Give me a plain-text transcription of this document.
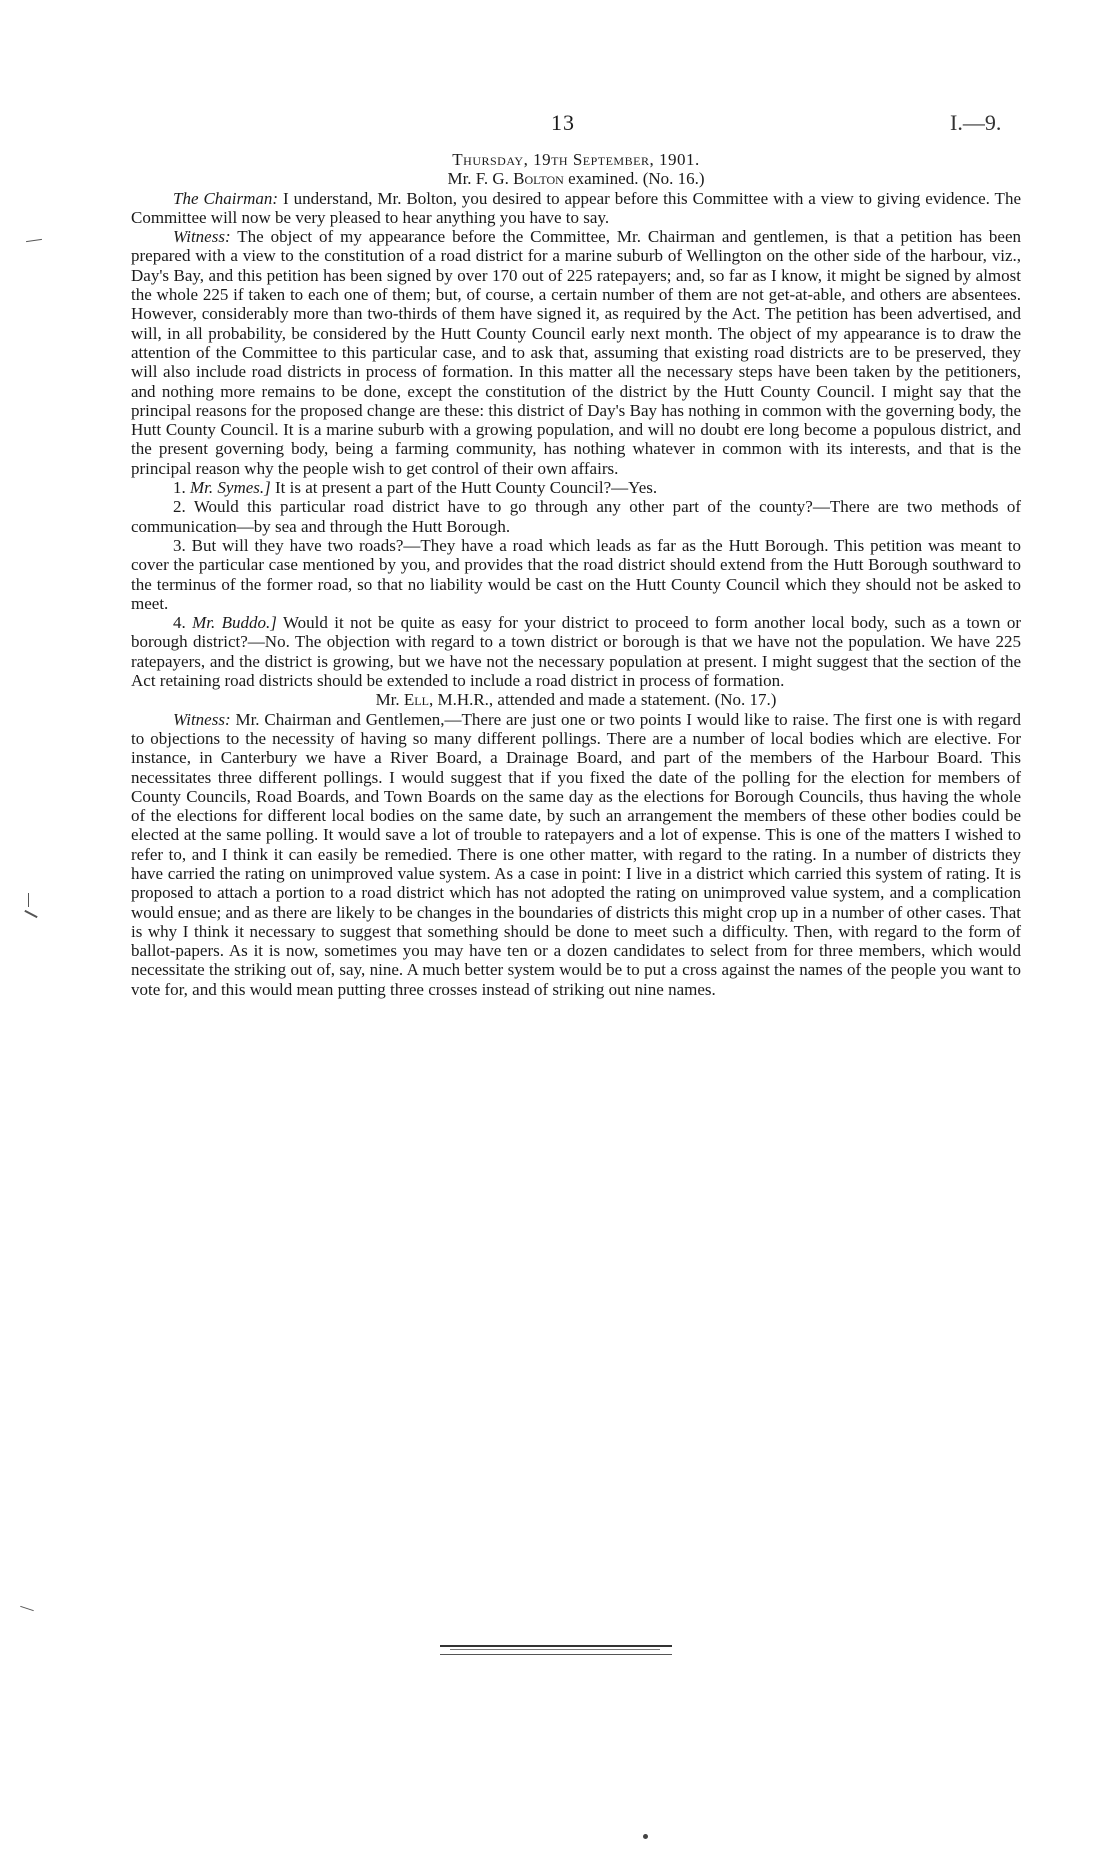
13	I.—9.

Thursday, 19th September, 1901.

Mr. F. G. Bolton examined. (No. 16.)

The Chairman: I understand, Mr. Bolton, you desired to appear before this Committee with a view to giving evidence. The Committee will now be very pleased to hear anything you have to say.

Witness: The object of my appearance before the Committee, Mr. Chairman and gentlemen, is that a petition has been prepared with a view to the constitution of a road district for a marine suburb of Wellington on the other side of the harbour, viz., Day's Bay, and this petition has been signed by over 170 out of 225 ratepayers; and, so far as I know, it might be signed by almost the whole 225 if taken to each one of them; but, of course, a certain number of them are not get-at-able, and others are absentees. However, considerably more than two-thirds of them have signed it, as required by the Act. The petition has been advertised, and will, in all probability, be considered by the Hutt County Council early next month. The object of my appearance is to draw the attention of the Committee to this particular case, and to ask that, assuming that existing road districts are to be preserved, they will also include road districts in process of formation. In this matter all the necessary steps have been taken by the petitioners, and nothing more remains to be done, except the constitution of the district by the Hutt County Council. I might say that the principal reasons for the proposed change are these: this district of Day's Bay has nothing in common with the governing body, the Hutt County Council. It is a marine suburb with a growing population, and will no doubt ere long become a populous district, and the present governing body, being a farming community, has nothing whatever in common with its interests, and that is the principal reason why the people wish to get control of their own affairs.

1. Mr. Symes.] It is at present a part of the Hutt County Council?—Yes.

2. Would this particular road district have to go through any other part of the county?—There are two methods of communication—by sea and through the Hutt Borough.

3. But will they have two roads?—They have a road which leads as far as the Hutt Borough. This petition was meant to cover the particular case mentioned by you, and provides that the road district should extend from the Hutt Borough southward to the terminus of the former road, so that no liability would be cast on the Hutt County Council which they should not be asked to meet.

4. Mr. Buddo.] Would it not be quite as easy for your district to proceed to form another local body, such as a town or borough district?—No. The objection with regard to a town district or borough is that we have not the population. We have 225 ratepayers, and the district is growing, but we have not the necessary population at present. I might suggest that the section of the Act retaining road districts should be extended to include a road district in process of formation.

Mr. Ell, M.H.R., attended and made a statement. (No. 17.)

Witness: Mr. Chairman and Gentlemen,—There are just one or two points I would like to raise. The first one is with regard to objections to the necessity of having so many different pollings. There are a number of local bodies which are elective. For instance, in Canterbury we have a River Board, a Drainage Board, and part of the members of the Harbour Board. This necessitates three different pollings. I would suggest that if you fixed the date of the polling for the election for members of County Councils, Road Boards, and Town Boards on the same day as the elections for Borough Councils, thus having the whole of the elections for different local bodies on the same date, by such an arrangement the members of these other bodies could be elected at the same polling. It would save a lot of trouble to ratepayers and a lot of expense. This is one of the matters I wished to refer to, and I think it can easily be remedied. There is one other matter, with regard to the rating. In a number of districts they have carried the rating on unimproved value system. As a case in point: I live in a district which carried this system of rating. It is proposed to attach a portion to a road district which has not adopted the rating on unimproved value system, and a complication would ensue; and as there are likely to be changes in the boundaries of districts this might crop up in a number of other cases. That is why I think it necessary to suggest that something should be done to meet such a difficulty. Then, with regard to the form of ballot-papers. As it is now, sometimes you may have ten or a dozen candidates to select from for three members, which would necessitate the striking out of, say, nine. A much better system would be to put a cross against the names of the people you want to vote for, and this would mean putting three crosses instead of striking out nine names.
